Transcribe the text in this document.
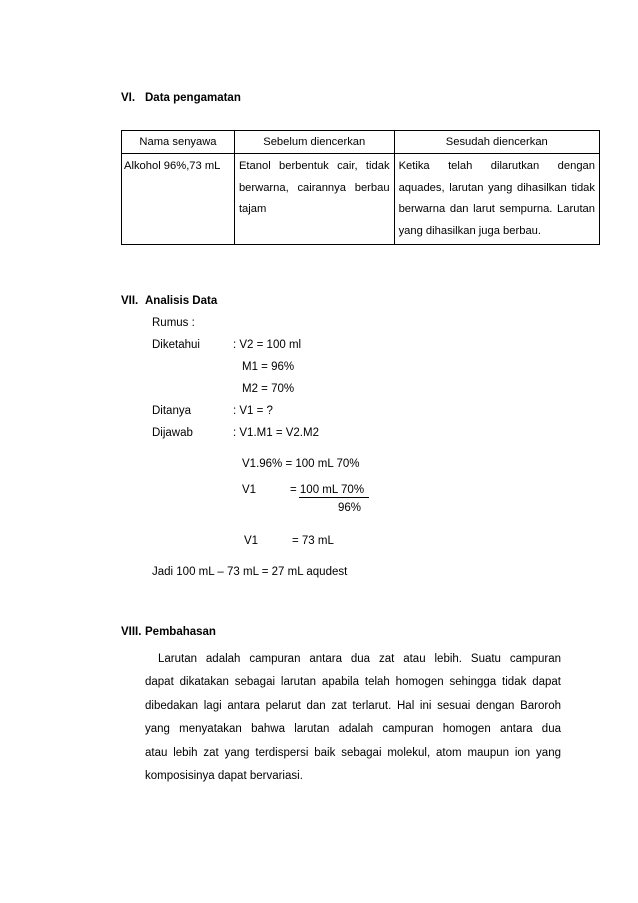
VI. Data pengamatan
Nama senyawa	Sebelum diencerkan	Sesudah diencerkan
Alkohol 96%,73 mL	Etanol berbentuk cair, tidak berwarna, cairannya berbau tajam	Ketika telah dilarutkan dengan aquades, larutan yang dihasilkan tidak berwarna dan larut sempurna. Larutan yang dihasilkan juga berbau.
VII. Analisis Data
Rumus :
Diketahui	: V2 = 100 ml
M1 = 96%
M2 = 70%
Ditanya	: V1 = ?
Dijawab	: V1.M1 = V2.M2
V1.96% = 100 mL 70%
V1	= 100 mL 70%
96%
V1	= 73 mL
Jadi 100 mL – 73 mL = 27 mL aqudest
VIII. Pembahasan
Larutan adalah campuran antara dua zat atau lebih. Suatu campuran
dapat dikatakan sebagai larutan apabila telah homogen sehingga tidak dapat
dibedakan lagi antara pelarut dan zat terlarut. Hal ini sesuai dengan Baroroh
yang menyatakan bahwa larutan adalah campuran homogen antara dua
atau lebih zat yang terdispersi baik sebagai molekul, atom maupun ion yang
komposisinya dapat bervariasi.
